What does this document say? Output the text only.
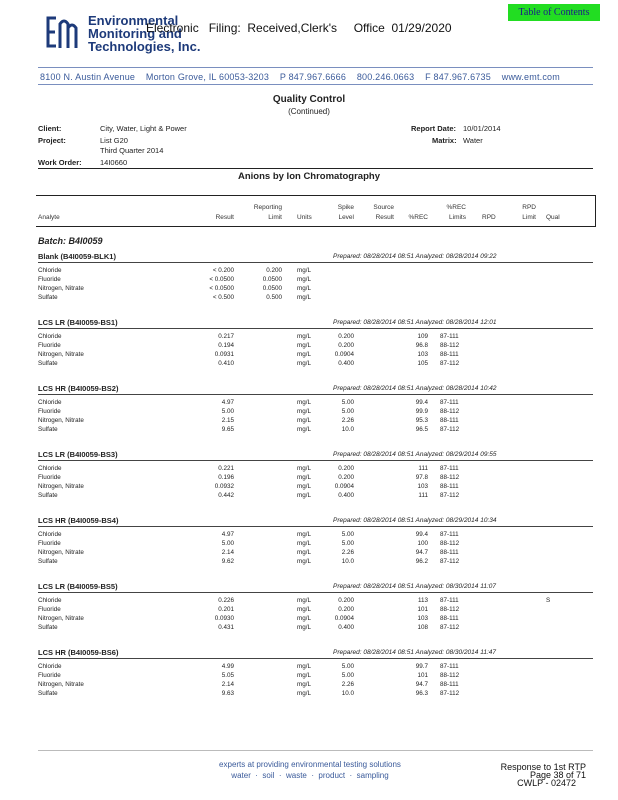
Environmental
Monitoring and
Technologies, Inc.
Electronic   Filing:  Received,Clerk's     Office  01/29/2020
Table of Contents
8100 N. Austin Avenue    Morton Grove, IL 60053-3203    P 847.967.6666    800.246.0663    F 847.967.6735    www.emt.com
Quality Control
(Continued)
Client:	City, Water, Light & Power
Project:	List G20
Third Quarter 2014
Work Order: 14I0660
Report Date: 10/01/2014
Matrix: Water
Anions by Ion Chromatography
Analyte	Result
Reporting
Limit Units
Spike
Level
Source
Result	%REC
%REC
Limits RPD
RPD
Limit Qual
Batch: B4I0059
Blank (B4I0059-BLK1)	Prepared: 08/28/2014 08:51 Analyzed: 08/28/2014 09:22
Chloride	< 0.200	0.200 mg/L
Fluoride	< 0.0500	0.0500 mg/L
Nitrogen, Nitrate	< 0.0500	0.0500 mg/L
Sulfate	< 0.500	0.500 mg/L
LCS LR (B4I0059-BS1)	Prepared: 08/28/2014 08:51 Analyzed: 08/28/2014 12:01
Chloride	0.217	mg/L	0.200	109 87-111
Fluoride	0.194	mg/L	0.200	96.8 88-112
Nitrogen, Nitrate	0.0931	mg/L	0.0904	103 88-111
Sulfate	0.410	mg/L	0.400	105 87-112
LCS HR (B4I0059-BS2)	Prepared: 08/28/2014 08:51 Analyzed: 08/28/2014 10:42
Chloride	4.97	mg/L	5.00	99.4 87-111
Fluoride	5.00	mg/L	5.00	99.9 88-112
Nitrogen, Nitrate	2.15	mg/L	2.26	95.3 88-111
Sulfate	9.65	mg/L	10.0	96.5 87-112
LCS LR (B4I0059-BS3)	Prepared: 08/28/2014 08:51 Analyzed: 08/29/2014 09:55
Chloride	0.221	mg/L	0.200	111 87-111
Fluoride	0.196	mg/L	0.200	97.8 88-112
Nitrogen, Nitrate	0.0932	mg/L	0.0904	103 88-111
Sulfate	0.442	mg/L	0.400	111 87-112
LCS HR (B4I0059-BS4)	Prepared: 08/28/2014 08:51 Analyzed: 08/29/2014 10:34
Chloride	4.97	mg/L	5.00	99.4 87-111
Fluoride	5.00	mg/L	5.00	100 88-112
Nitrogen, Nitrate	2.14	mg/L	2.26	94.7 88-111
Sulfate	9.62	mg/L	10.0	96.2 87-112
LCS LR (B4I0059-BS5)	Prepared: 08/28/2014 08:51 Analyzed: 08/30/2014 11:07
Chloride	0.226	mg/L	0.200	113 87-111	S
Fluoride	0.201	mg/L	0.200	101 88-112
Nitrogen, Nitrate	0.0930	mg/L	0.0904	103 88-111
Sulfate	0.431	mg/L	0.400	108 87-112
LCS HR (B4I0059-BS6)	Prepared: 08/28/2014 08:51 Analyzed: 08/30/2014 11:47
Chloride	4.99	mg/L	5.00	99.7 87-111
Fluoride	5.05	mg/L	5.00	101 88-112
Nitrogen, Nitrate	2.14	mg/L	2.26	94.7 88-111
Sulfate	9.63	mg/L	10.0	96.3 87-112
experts at providing environmental testing solutions
water  ·  soil  ·  waste  ·  product  ·  sampling
Response to 1st RTP
Page 38 of 71
CWLP - 02472
